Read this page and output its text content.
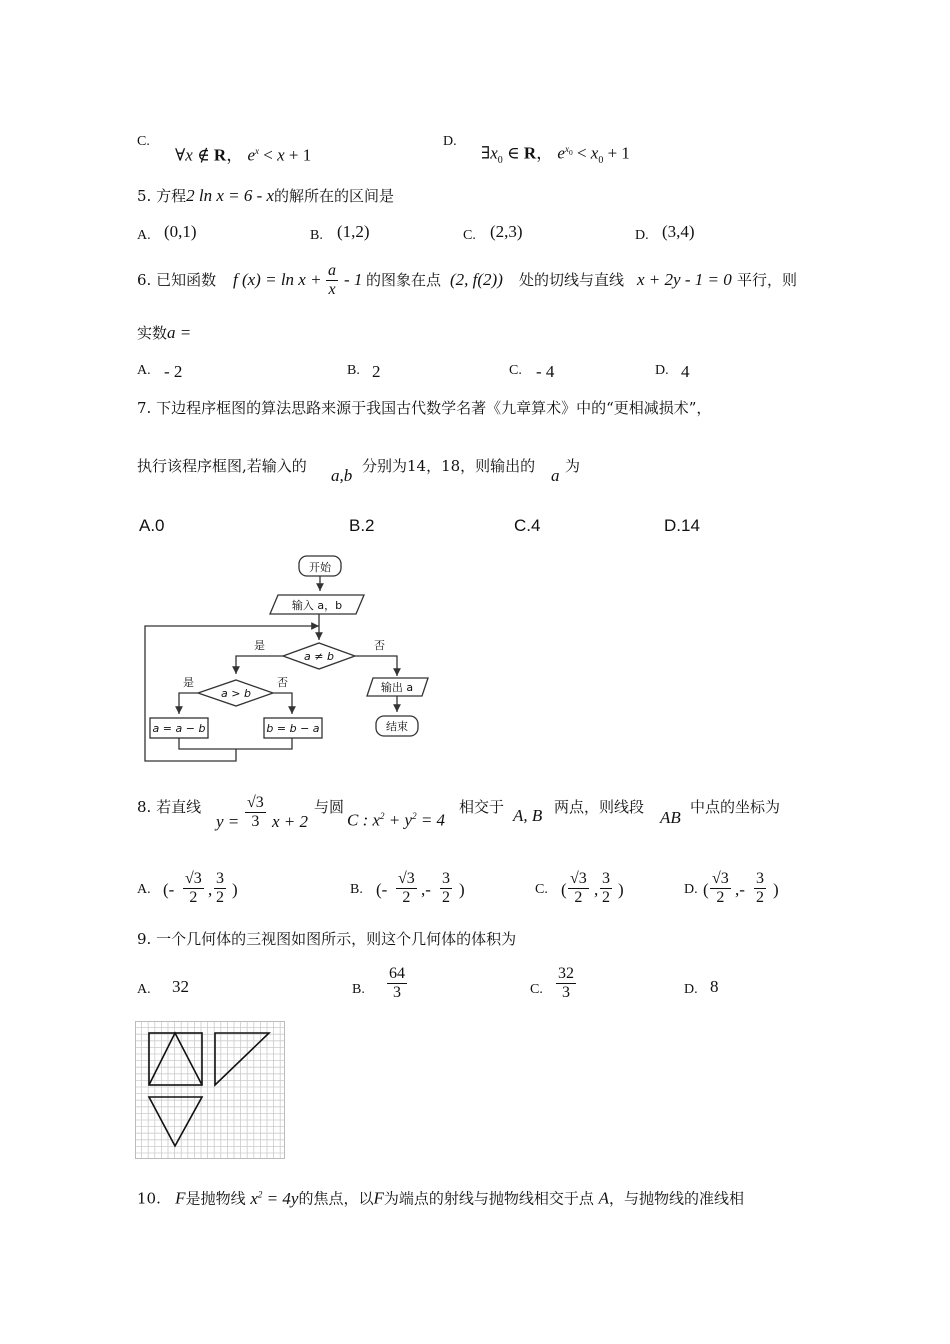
C.
∀x ∉ R， $e^x < x + 1$
D.
$\exists x_0$ ∈ R， $e^{x_0} < x_0 + 1$
5. 方程2 ln x = 6 - x的解所在的区间是
A. (0,1)	B. (1,2)	C. (2,3)	D. (3,4)
6. 已知函数 f $(x) = \ln x + \frac{a}{x} - 1$ 的图象在点 (2, f(2)) 处的切线与直线 x + 2y - 1 = 0 平行，则
实数a =
A. - 2	B. 2	C. - 4	D. 4
7. 下边程序框图的算法思路来源于我国古代数学名著《九章算术》中的“更相减损术”，
执行该程序框图,若输入的 a,b 分别为14，18，则输出的 a 为
A.0	B.2	C.4	D.14
开始
输入 a，b
a ≠ b
是	否
a > b
是	否
a = a − b	b = b − a
输出 a
结束
8. 若直线
$y = \frac{√3}{3}$ x + 2
与圆
C : $x^2 + y^2 = 4$
相交于 A, B 两点，则线段
AB
中点的坐标为
A. (- $\frac{√3}{2}$ , $\frac{3}{2}$ )	B. (- $\frac{√3}{2}$ ,- $\frac{3}{2}$ )	C. ( $\frac{√3}{2}$ , $\frac{3}{2}$ )	D. ( $\frac{√3}{2}$ ,- $\frac{3}{2}$ )
9. 一个几何体的三视图如图所示，则这个几何体的体积为
A. 32	B. $\frac{64}{3}$	C. $\frac{32}{3}$	D. 8
10. F是抛物线 $x^2 = 4y$的焦点，以F为端点的射线与抛物线相交于点 A，与抛物线的准线相
